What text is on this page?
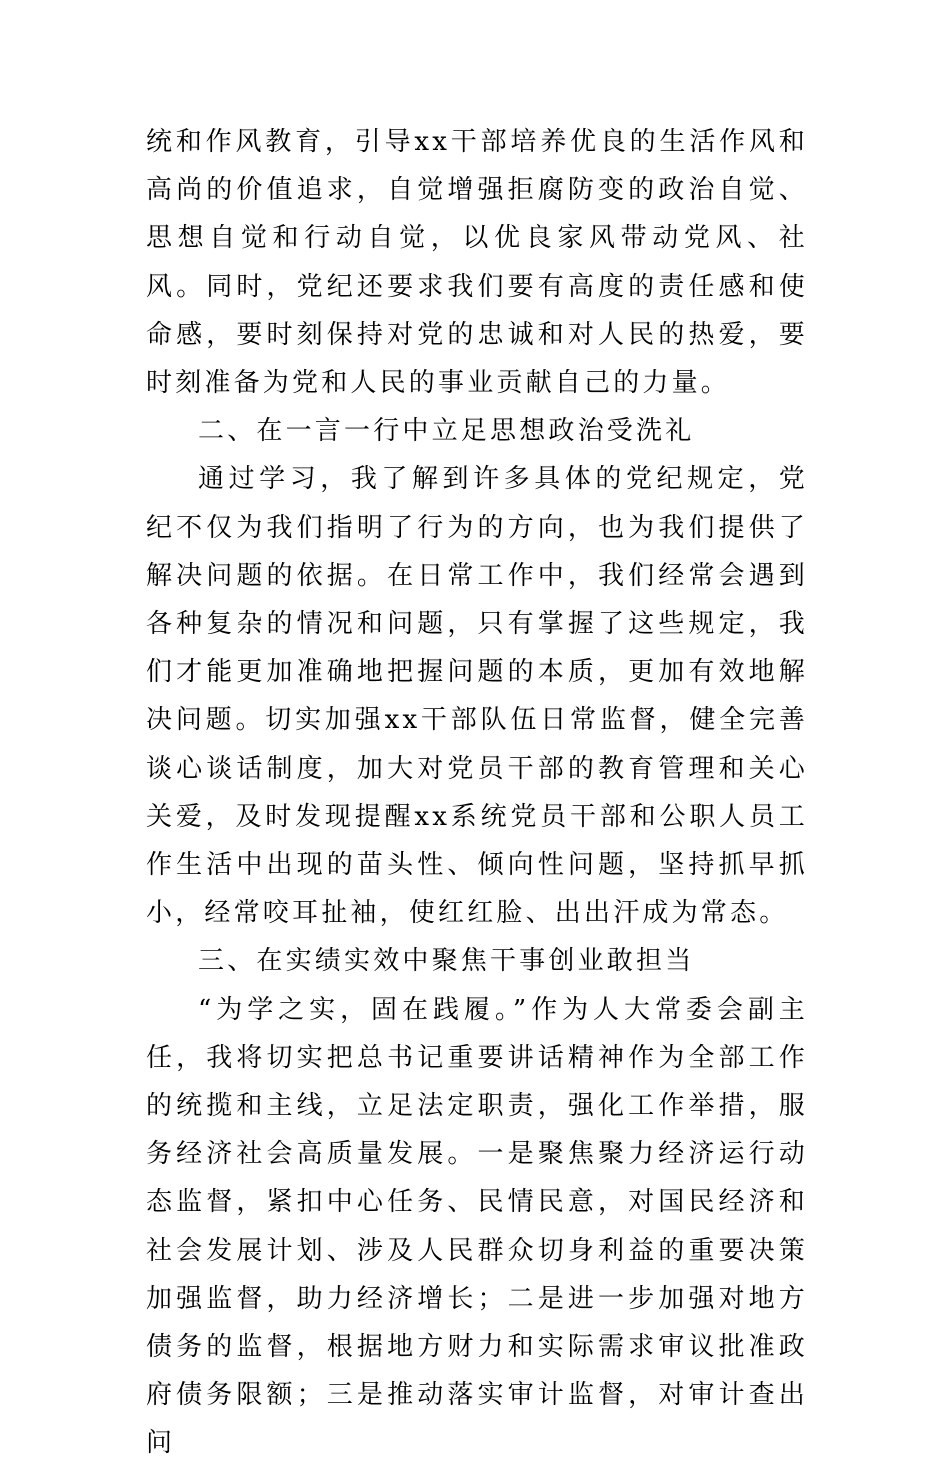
统和作风教育，引导xx干部培养优良的生活作风和高尚的价值追求，自觉增强拒腐防变的政治自觉、思想自觉和行动自觉，以优良家风带动党风、社风。同时，党纪还要求我们要有高度的责任感和使命感，要时刻保持对党的忠诚和对人民的热爱，要时刻准备为党和人民的事业贡献自己的力量。

二、在一言一行中立足思想政治受洗礼

通过学习，我了解到许多具体的党纪规定，党纪不仅为我们指明了行为的方向，也为我们提供了解决问题的依据。在日常工作中，我们经常会遇到各种复杂的情况和问题，只有掌握了这些规定，我们才能更加准确地把握问题的本质，更加有效地解决问题。切实加强xx干部队伍日常监督，健全完善谈心谈话制度，加大对党员干部的教育管理和关心关爱，及时发现提醒xx系统党员干部和公职人员工作生活中出现的苗头性、倾向性问题，坚持抓早抓小，经常咬耳扯袖，使红红脸、出出汗成为常态。

三、在实绩实效中聚焦干事创业敢担当

“为学之实，固在践履。”作为人大常委会副主任，我将切实把总书记重要讲话精神作为全部工作的统揽和主线，立足法定职责，强化工作举措，服务经济社会高质量发展。一是聚焦聚力经济运行动态监督，紧扣中心任务、民情民意，对国民经济和社会发展计划、涉及人民群众切身利益的重要决策加强监督，助力经济增长；二是进一步加强对地方债务的监督，根据地方财力和实际需求审议批准政府债务限额；三是推动落实审计监督，对审计查出问
